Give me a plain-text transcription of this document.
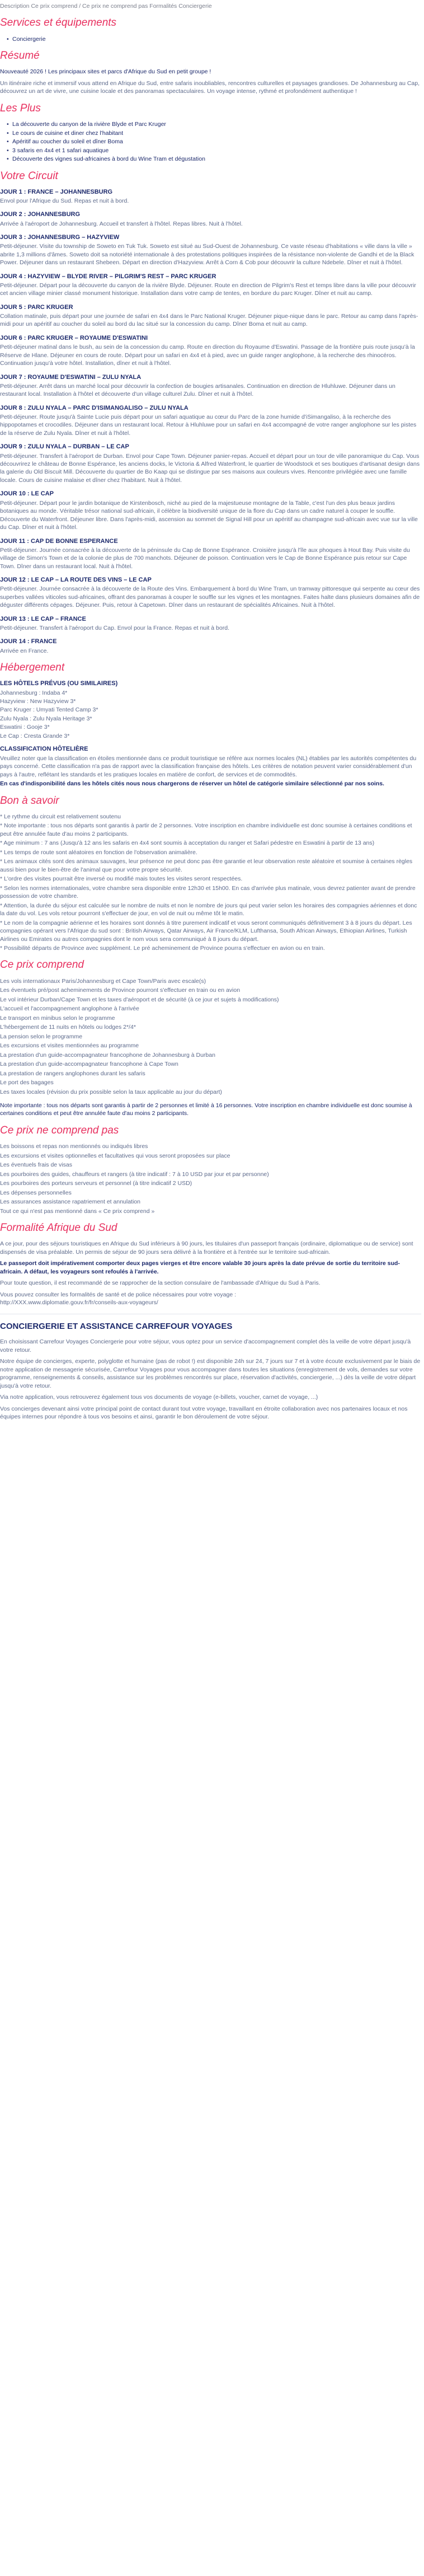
Description Ce prix comprend / Ce prix ne comprend pas Formalités Conciergerie

Services et équipements
• Conciergerie
Résumé

Nouveauté 2026 ! Les principaux sites et parcs d'Afrique du Sud en petit groupe !

Un itinéraire riche et immersif vous attend en Afrique du Sud, entre safaris inoubliables, rencontres culturelles et paysages grandioses. De Johannesburg au Cap, découvrez un art de vivre, une cuisine locale et des panoramas spectaculaires. Un voyage intense, rythmé et profondément authentique !

Les Plus
• La découverte du canyon de la rivière Blyde et Parc Kruger
• Le cours de cuisine et diner chez l'habitant
• Apéritif au coucher du soleil et dîner Boma
• 3 safaris en 4x4 et 1 safari aquatique
• Découverte des vignes sud-africaines à bord du Wine Tram et dégustation
Votre Circuit
JOUR 1 : FRANCE – JOHANNESBURG
Envol pour l'Afrique du Sud. Repas et nuit à bord.
JOUR 2 : JOHANNESBURG
Arrivée à l'aéroport de Johannesburg. Accueil et transfert à l'hôtel. Repas libres. Nuit à l'hôtel.
JOUR 3 : JOHANNESBURG – HAZYVIEW
Petit-déjeuner. Visite du township de Soweto en Tuk Tuk. Soweto est situé au Sud-Ouest de Johannesburg. Ce vaste réseau d'habitations « ville dans la ville » abrite 1,3 millions d'âmes. Soweto doit sa notoriété internationale à des protestations politiques inspirées de la résistance non-violente de Gandhi et de la Black Power. Déjeuner dans un restaurant Shebeen. Départ en direction d'Hazyview. Arrêt à Corn & Cob pour découvrir la culture Ndebele. Dîner et nuit à l'hôtel.
JOUR 4 : HAZYVIEW – BLYDE RIVER – PILGRIM'S REST – PARC KRUGER
Petit-déjeuner. Départ pour la découverte du canyon de la rivière Blyde. Déjeuner. Route en direction de Pilgrim's Rest et temps libre dans la ville pour découvrir cet ancien village minier classé monument historique. Installation dans votre camp de tentes, en bordure du parc Kruger. Dîner et nuit au camp.
JOUR 5 : PARC KRUGER
Collation matinale, puis départ pour une journée de safari en 4x4 dans le Parc National Kruger. Déjeuner pique-nique dans le parc. Retour au camp dans l'après-midi pour un apéritif au coucher du soleil au bord du lac situé sur la concession du camp. Dîner Boma et nuit au camp.
JOUR 6 : PARC KRUGER – ROYAUME D'ESWATINI
Petit-déjeuner matinal dans le bush, au sein de la concession du camp. Route en direction du Royaume d'Eswatini. Passage de la frontière puis route jusqu'à la Réserve de Hlane. Déjeuner en cours de route. Départ pour un safari en 4x4 et à pied, avec un guide ranger anglophone, à la recherche des rhinocéros. Continuation jusqu'à votre hôtel. Installation, dîner et nuit à l'hôtel.
JOUR 7 : ROYAUME D'ESWATINI – ZULU NYALA
Petit-déjeuner. Arrêt dans un marché local pour découvrir la confection de bougies artisanales. Continuation en direction de Hluhluwe. Déjeuner dans un restaurant local. Installation à l'hôtel et découverte d'un village culturel Zulu. Dîner et nuit à l'hôtel.
JOUR 8 : ZULU NYALA – PARC D'ISIMANGALISO – ZULU NYALA
Petit-déjeuner. Route jusqu'à Sainte Lucie puis départ pour un safari aquatique au cœur du Parc de la zone humide d'iSimangaliso, à la recherche des hippopotames et crocodiles. Déjeuner dans un restaurant local. Retour à Hluhluwe pour un safari en 4x4 accompagné de votre ranger anglophone sur les pistes de la réserve de Zulu Nyala. Dîner et nuit à l'hôtel.
JOUR 9 : ZULU NYALA – DURBAN – LE CAP
Petit-déjeuner. Transfert à l'aéroport de Durban. Envol pour Cape Town. Déjeuner panier-repas. Accueil et départ pour un tour de ville panoramique du Cap. Vous découvrirez le château de Bonne Espérance, les anciens docks, le Victoria & Alfred Waterfront, le quartier de Woodstock et ses boutiques d'artisanat design dans la galerie du Old Biscuit Mill. Découverte du quartier de Bo Kaap qui se distingue par ses maisons aux couleurs vives. Rencontre privilégiée avec une famille locale. Cours de cuisine malaise et dîner chez l'habitant. Nuit à l'hôtel.
JOUR 10 : LE CAP
Petit-déjeuner. Départ pour le jardin botanique de Kirstenbosch, niché au pied de la majestueuse montagne de la Table, c'est l'un des plus beaux jardins botaniques au monde. Véritable trésor national sud-africain, il célèbre la biodiversité unique de la flore du Cap dans un cadre naturel à couper le souffle. Découverte du Waterfront. Déjeuner libre. Dans l'après-midi, ascension au sommet de Signal Hill pour un apéritif au champagne sud-africain avec vue sur la ville du Cap. Dîner et nuit à l'hôtel.
JOUR 11 : CAP DE BONNE ESPERANCE
Petit-déjeuner. Journée consacrée à la découverte de la péninsule du Cap de Bonne Espérance. Croisière jusqu'à l'île aux phoques à Hout Bay. Puis visite du village de Simon's Town et de la colonie de plus de 700 manchots. Déjeuner de poisson. Continuation vers le Cap de Bonne Espérance puis retour sur Cape Town. Dîner dans un restaurant local. Nuit à l'hôtel.
JOUR 12 : LE CAP – LA ROUTE DES VINS – LE CAP
Petit-déjeuner. Journée consacrée à la découverte de la Route des Vins. Embarquement à bord du Wine Tram, un tramway pittoresque qui serpente au cœur des superbes vallées viticoles sud-africaines, offrant des panoramas à couper le souffle sur les vignes et les montagnes. Faites halte dans plusieurs domaines afin de déguster différents cépages. Déjeuner. Puis, retour à Capetown. Dîner dans un restaurant de spécialités Africaines. Nuit à l'hôtel.
JOUR 13 : LE CAP – FRANCE
Petit-déjeuner. Transfert à l'aéroport du Cap. Envol pour la France. Repas et nuit à bord.
JOUR 14 : FRANCE
Arrivée en France.
Hébergement
LES HÔTELS PRÉVUS (OU SIMILAIRES)
Johannesburg : Indaba 4*
Hazyview : New Hazyview 3*
Parc Kruger : Umyati Tented Camp 3*
Zulu Nyala : Zulu Nyala Heritage 3*
Eswatini : Gooje 3*
Le Cap : Cresta Grande 3*
CLASSIFICATION HÔTELIÈRE

Veuillez noter que la classification en étoiles mentionnée dans ce produit touristique se réfère aux normes locales (NL) établies par les autorités compétentes du pays concerné. Cette classification n'a pas de rapport avec la classification française des hôtels. Les critères de notation peuvent varier considérablement d'un pays à l'autre, reflétant les standards et les pratiques locales en matière de confort, de services et de commodités.

En cas d'indisponibilité dans les hôtels cités nous nous chargerons de réserver un hôtel de catégorie similaire sélectionné par nos soins.

Bon à savoir
* Le rythme du circuit est relativement soutenu
* Note importante : tous nos départs sont garantis à partir de 2 personnes. Votre inscription en chambre individuelle est donc soumise à certaines conditions et peut être annulée faute d'au moins 2 participants.
* Age minimum : 7 ans (Jusqu'à 12 ans les safaris en 4x4 sont soumis à acceptation du ranger et Safari pédestre en Eswatini à partir de 13 ans)
* Les temps de route sont aléatoires en fonction de l'observation animalière.
* Les animaux cités sont des animaux sauvages, leur présence ne peut donc pas être garantie et leur observation reste aléatoire et soumise à certaines règles aussi bien pour le bien-être de l'animal que pour votre propre sécurité.
* L'ordre des visites pourrait être inversé ou modifié mais toutes les visites seront respectées.
* Selon les normes internationales, votre chambre sera disponible entre 12h30 et 15h00. En cas d'arrivée plus matinale, vous devrez patienter avant de prendre possession de votre chambre.
* Attention, la durée du séjour est calculée sur le nombre de nuits et non le nombre de jours qui peut varier selon les horaires des compagnies aériennes et donc la date du vol. Les vols retour pourront s'effectuer de jour, en vol de nuit ou même tôt le matin.
* Le nom de la compagnie aérienne et les horaires sont donnés à titre purement indicatif et vous seront communiqués définitivement 3 à 8 jours du départ. Les compagnies opérant vers l'Afrique du sud sont : British Airways, Qatar Airways, Air France/KLM, Lufthansa, South African Airways, Ethiopian Airlines, Turkish Airlines ou Emirates ou autres compagnies dont le nom vous sera communiqué à 8 jours du départ.
* Possibilité départs de Province avec supplément. Le pré acheminement de Province pourra s'effectuer en avion ou en train.
Ce prix comprend
Les vols internationaux Paris/Johannesburg et Cape Town/Paris avec escale(s)
Les éventuels pré/post acheminements de Province pourront s'effectuer en train ou en avion
Le vol intérieur Durban/Cape Town et les taxes d'aéroport et de sécurité (à ce jour et sujets à modifications)
L'accueil et l'accompagnement anglophone à l'arrivée
Le transport en minibus selon le programme
L'hébergement de 11 nuits en hôtels ou lodges 2*/4*
La pension selon le programme
Les excursions et visites mentionnées au programme
La prestation d'un guide-accompagnateur francophone de Johannesburg à Durban
La prestation d'un guide-accompagnateur francophone à Cape Town
La prestation de rangers anglophones durant les safaris
Le port des bagages
Les taxes locales (révision du prix possible selon la taux applicable au jour du départ)

Note importante : tous nos départs sont garantis à partir de 2 personnes et limité à 16 personnes. Votre inscription en chambre individuelle est donc soumise à certaines conditions et peut être annulée faute d'au moins 2 participants.

Ce prix ne comprend pas
Les boissons et repas non mentionnés ou indiqués libres
Les excursions et visites optionnelles et facultatives qui vous seront proposées sur place
Les éventuels frais de visas
Les pourboires des guides, chauffeurs et rangers (à titre indicatif : 7 à 10 USD par jour et par personne)
Les pourboires des porteurs serveurs et personnel (à titre indicatif 2 USD)
Les dépenses personnelles
Les assurances assistance rapatriement et annulation
Tout ce qui n'est pas mentionné dans « Ce prix comprend »
Formalité Afrique du Sud

A ce jour, pour des séjours touristiques en Afrique du Sud inférieurs à 90 jours, les titulaires d'un passeport français (ordinaire, diplomatique ou de service) sont dispensés de visa préalable. Un permis de séjour de 90 jours sera délivré à la frontière et à l'entrée sur le territoire sud-africain.

Le passeport doit impérativement comporter deux pages vierges et être encore valable 30 jours après la date prévue de sortie du territoire sud-africain. A défaut, les voyageurs sont refoulés à l'arrivée.

Pour toute question, il est recommandé de se rapprocher de la section consulaire de l'ambassade d'Afrique du Sud à Paris.

Vous pouvez consulter les formalités de santé et de police nécessaires pour votre voyage :

http://XXX.www.diplomatie.gouv.fr/fr/conseils-aux-voyageurs/

CONCIERGERIE ET ASSISTANCE CARREFOUR VOYAGES

En choisissant Carrefour Voyages Conciergerie pour votre séjour, vous optez pour un service d'accompagnement complet dès la veille de votre départ jusqu'à votre retour.

Notre équipe de concierges, experte, polyglotte et humaine (pas de robot !) est disponible 24h sur 24, 7 jours sur 7 et à votre écoute exclusivement par le biais de notre application de messagerie sécurisée, Carrefour Voyages pour vous accompagner dans toutes les situations (enregistrement de vols, demandes sur votre programme, renseignements & conseils, assistance sur les problèmes rencontrés sur place, réservation d'activités, conciergerie, ...) dès la veille de votre départ jusqu'à votre retour.

Via notre application, vous retrouverez également tous vos documents de voyage (e-billets, voucher, carnet de voyage, ...)

Vos concierges devenant ainsi votre principal point de contact durant tout votre voyage, travaillant en étroite collaboration avec nos partenaires locaux et nos équipes internes pour répondre à tous vos besoins et ainsi, garantir le bon déroulement de votre séjour.
